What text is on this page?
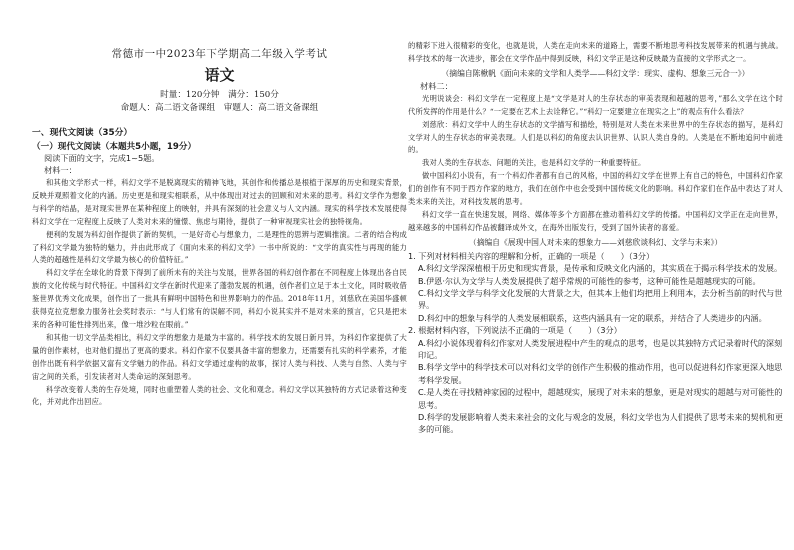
常德市一中2023年下学期高二年级入学考试
语文
时量：120分钟　满分：150分
命题人：高二语文备课组　审题人：高二语文备课组
一、现代文阅读（35分）
（一）现代文阅读（本题共5小题，19分）
阅读下面的文字，完成1~5题。
材料一：

和其他文学形式一样，科幻文学不是脱离现实的精神飞地，其创作和传播总是根植于深厚的历史和现实背景，反映并观照着文化的内涵。历史更是和现实相联系，从中体现出对过去的回顾和对未来的思考。科幻文学作为想象与科学的结晶，是对现实世界在某种程度上的映射，并具有深刻的社会意义与人文内涵。现实的科学技术发展使得科幻文学在一定程度上反映了人类对未来的憧憬、焦虑与期待，提供了一种审视现实社会的独特视角。

便利的发展为科幻创作提供了新的契机，一是好奇心与想象力，二是理性的思辨与逻辑推演。二者的结合构成了科幻文学最为独特的魅力，并由此形成了《面向未来的科幻文学》一书中所说的：“文学的真实性与再现的能力人类的超越性是科幻文学最为核心的价值特征。”

科幻文学在全球化的背景下得到了前所未有的关注与发展，世界各国的科幻创作都在不同程度上体现出各自民族的文化传统与时代特征。中国科幻文学在新时代迎来了蓬勃发展的机遇，创作者们立足于本土文化，同时吸收借鉴世界优秀文化成果，创作出了一批具有鲜明中国特色和世界影响力的作品。2018年11月，刘慈欣在美国华盛顿获得克拉克想象力服务社会奖时表示：“与人们常有的误解不同，科幻小说其实并不是对未来的预言，它只是把未来的各种可能性排列出来，像一堆沙粒在眼前。”

和其他一切文学品类相比，科幻文学的想象力是最为丰富的。科学技术的发展日新月异，为科幻作家提供了大量的创作素材，也对他们提出了更高的要求。科幻作家不仅要具备丰富的想象力，还需要有扎实的科学素养，才能创作出既有科学依据又富有文学魅力的作品。科幻文学通过虚构的故事，探讨人类与科技、人类与自然、人类与宇宙之间的关系，引发读者对人类命运的深刻思考。

科学改变着人类的生存处境，同时也重塑着人类的社会、文化和观念。科幻文学以其独特的方式记录着这种变化，并对此作出回应。

的精彩下进入很精彩的变化，也就是说，人类在走向未来的道路上，需要不断地思考科技发展带来的机遇与挑战。科学技术的每一次进步，都会在文学作品中得到反映，科幻文学正是这种反映最为直接的文学形式之一。

（摘编自陈楸帆《面向未来的文学和人类学——科幻文学：现实、虚构、想象三元合一》）
材料二：

光明说谈会：科幻文学在一定程度上是“文学是对人的生存状态的审美表现和超越的思考，”那么文学在这个时代所发挥的作用是什么？“一定要在艺术上去诠释它。”“科幻一定要建立在现实之上”的观点有什么看法？

刘慈欣：科幻文学中人的生存状态的文学描写和描绘，特别是对人类在未来世界中的生存状态的描写，是科幻文学对人的生存状态的审美表现。人们是以科幻的角度去认识世界、认识人类自身的。人类是在不断地追问中前进的。

我对人类的生存状态、问题的关注，也是科幻文学的一种重要特征。

做中国科幻小说有，有一个科幻作者都有自己的风格，中国的科幻文学在世界上有自己的特色，中国科幻作家们的创作有不同于西方作家的地方，我们在创作中也会受到中国传统文化的影响。科幻作家们在作品中表达了对人类未来的关注，对科技发展的思考。

科幻文学一直在快速发展，网络、媒体等多个方面都在推动着科幻文学的传播。中国科幻文学正在走向世界，越来越多的中国科幻作品被翻译成外文，在海外出版发行，受到了国外读者的喜爱。

（摘编自《展现中国人对未来的想象力——刘慈欣谈科幻、文学与未来》）

1. 下列对材料相关内容的理解和分析，正确的一项是（　　）（3分）

A.科幻文学深深植根于历史和现实背景，是传承和反映文化内涵的，其实质在于揭示科学技术的发展。

B.伊恩·尔认为文学与人类发展提供了超乎常规的可能性的参考，这种可能性是超越现实的可能。

C.科幻文学文学与科学文化发展的大背景之大，但其本上他们均把用上利用本，去分析当前的时代与世界。

D.科幻中的想象与科学的人类发展相联系，这些内涵具有一定的联系，并结合了人类进步的内涵。

2. 根据材料内容，下列说法不正确的一项是（　　）（3分）

A.科幻小说体现着科幻作家对人类发展进程中产生的观点的思考，也是以其独特方式记录着时代的深刻印记。

B.科学文学中的科学技术可以对科幻文学的创作产生积极的推动作用，也可以促进科幻作家更深入地思考科学发展。

C.是人类在寻找精神家园的过程中，超越现实，展现了对未来的想象，更是对现实的超越与对可能性的思考。

D.科学的发展影响着人类未来社会的文化与观念的发展，科幻文学也为人们提供了思考未来的契机和更多的可能。
